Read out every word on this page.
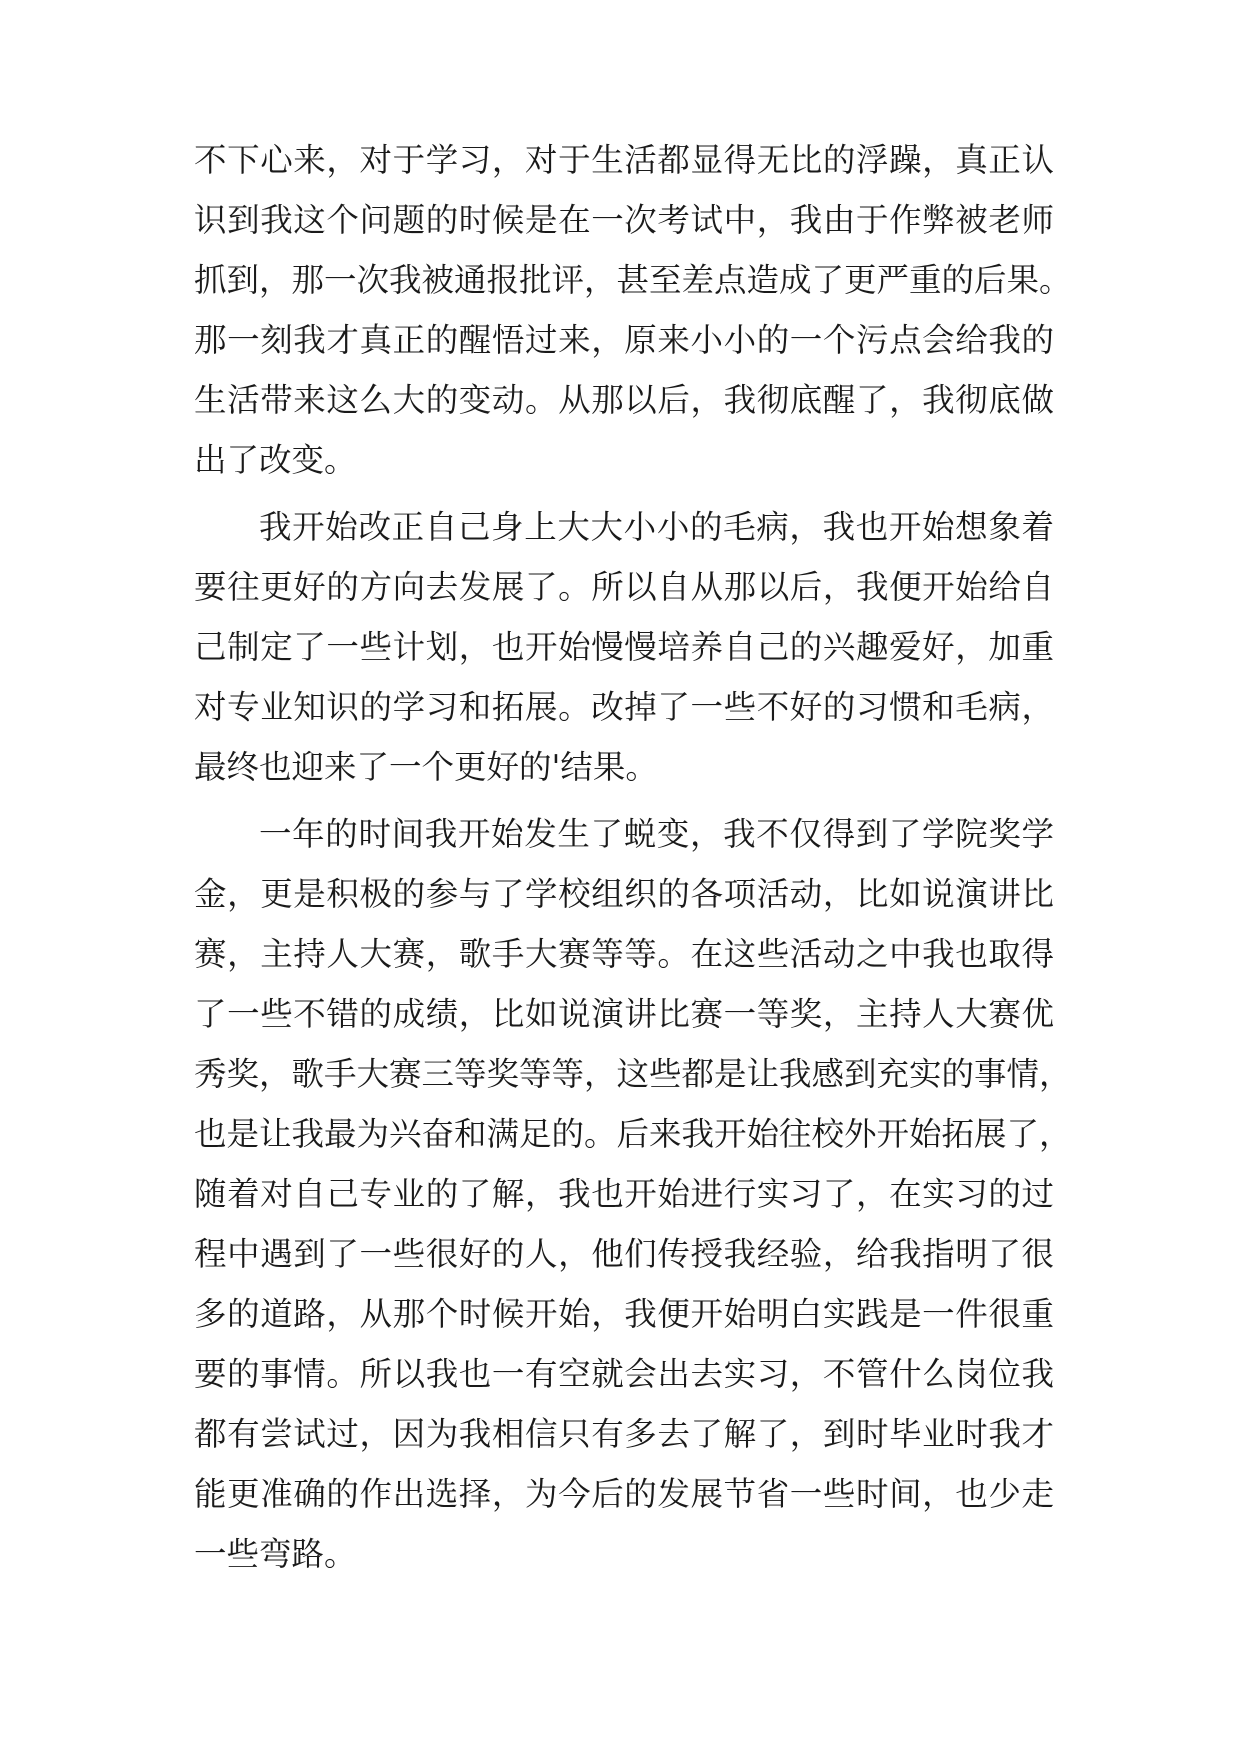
不下心来，对于学习，对于生活都显得无比的浮躁，真正认
识到我这个问题的时候是在一次考试中，我由于作弊被老师
抓到，那一次我被通报批评，甚至差点造成了更严重的后果。
那一刻我才真正的醒悟过来，原来小小的一个污点会给我的
生活带来这么大的变动。从那以后，我彻底醒了，我彻底做
出了改变。
我开始改正自己身上大大小小的毛病，我也开始想象着
要往更好的方向去发展了。所以自从那以后，我便开始给自
己制定了一些计划，也开始慢慢培养自己的兴趣爱好，加重
对专业知识的学习和拓展。改掉了一些不好的习惯和毛病，
最终也迎来了一个更好的'结果。
一年的时间我开始发生了蜕变，我不仅得到了学院奖学
金，更是积极的参与了学校组织的各项活动，比如说演讲比
赛，主持人大赛，歌手大赛等等。在这些活动之中我也取得
了一些不错的成绩，比如说演讲比赛一等奖，主持人大赛优
秀奖，歌手大赛三等奖等等，这些都是让我感到充实的事情，
也是让我最为兴奋和满足的。后来我开始往校外开始拓展了，
随着对自己专业的了解，我也开始进行实习了，在实习的过
程中遇到了一些很好的人，他们传授我经验，给我指明了很
多的道路，从那个时候开始，我便开始明白实践是一件很重
要的事情。所以我也一有空就会出去实习，不管什么岗位我
都有尝试过，因为我相信只有多去了解了，到时毕业时我才
能更准确的作出选择，为今后的发展节省一些时间，也少走
一些弯路。
